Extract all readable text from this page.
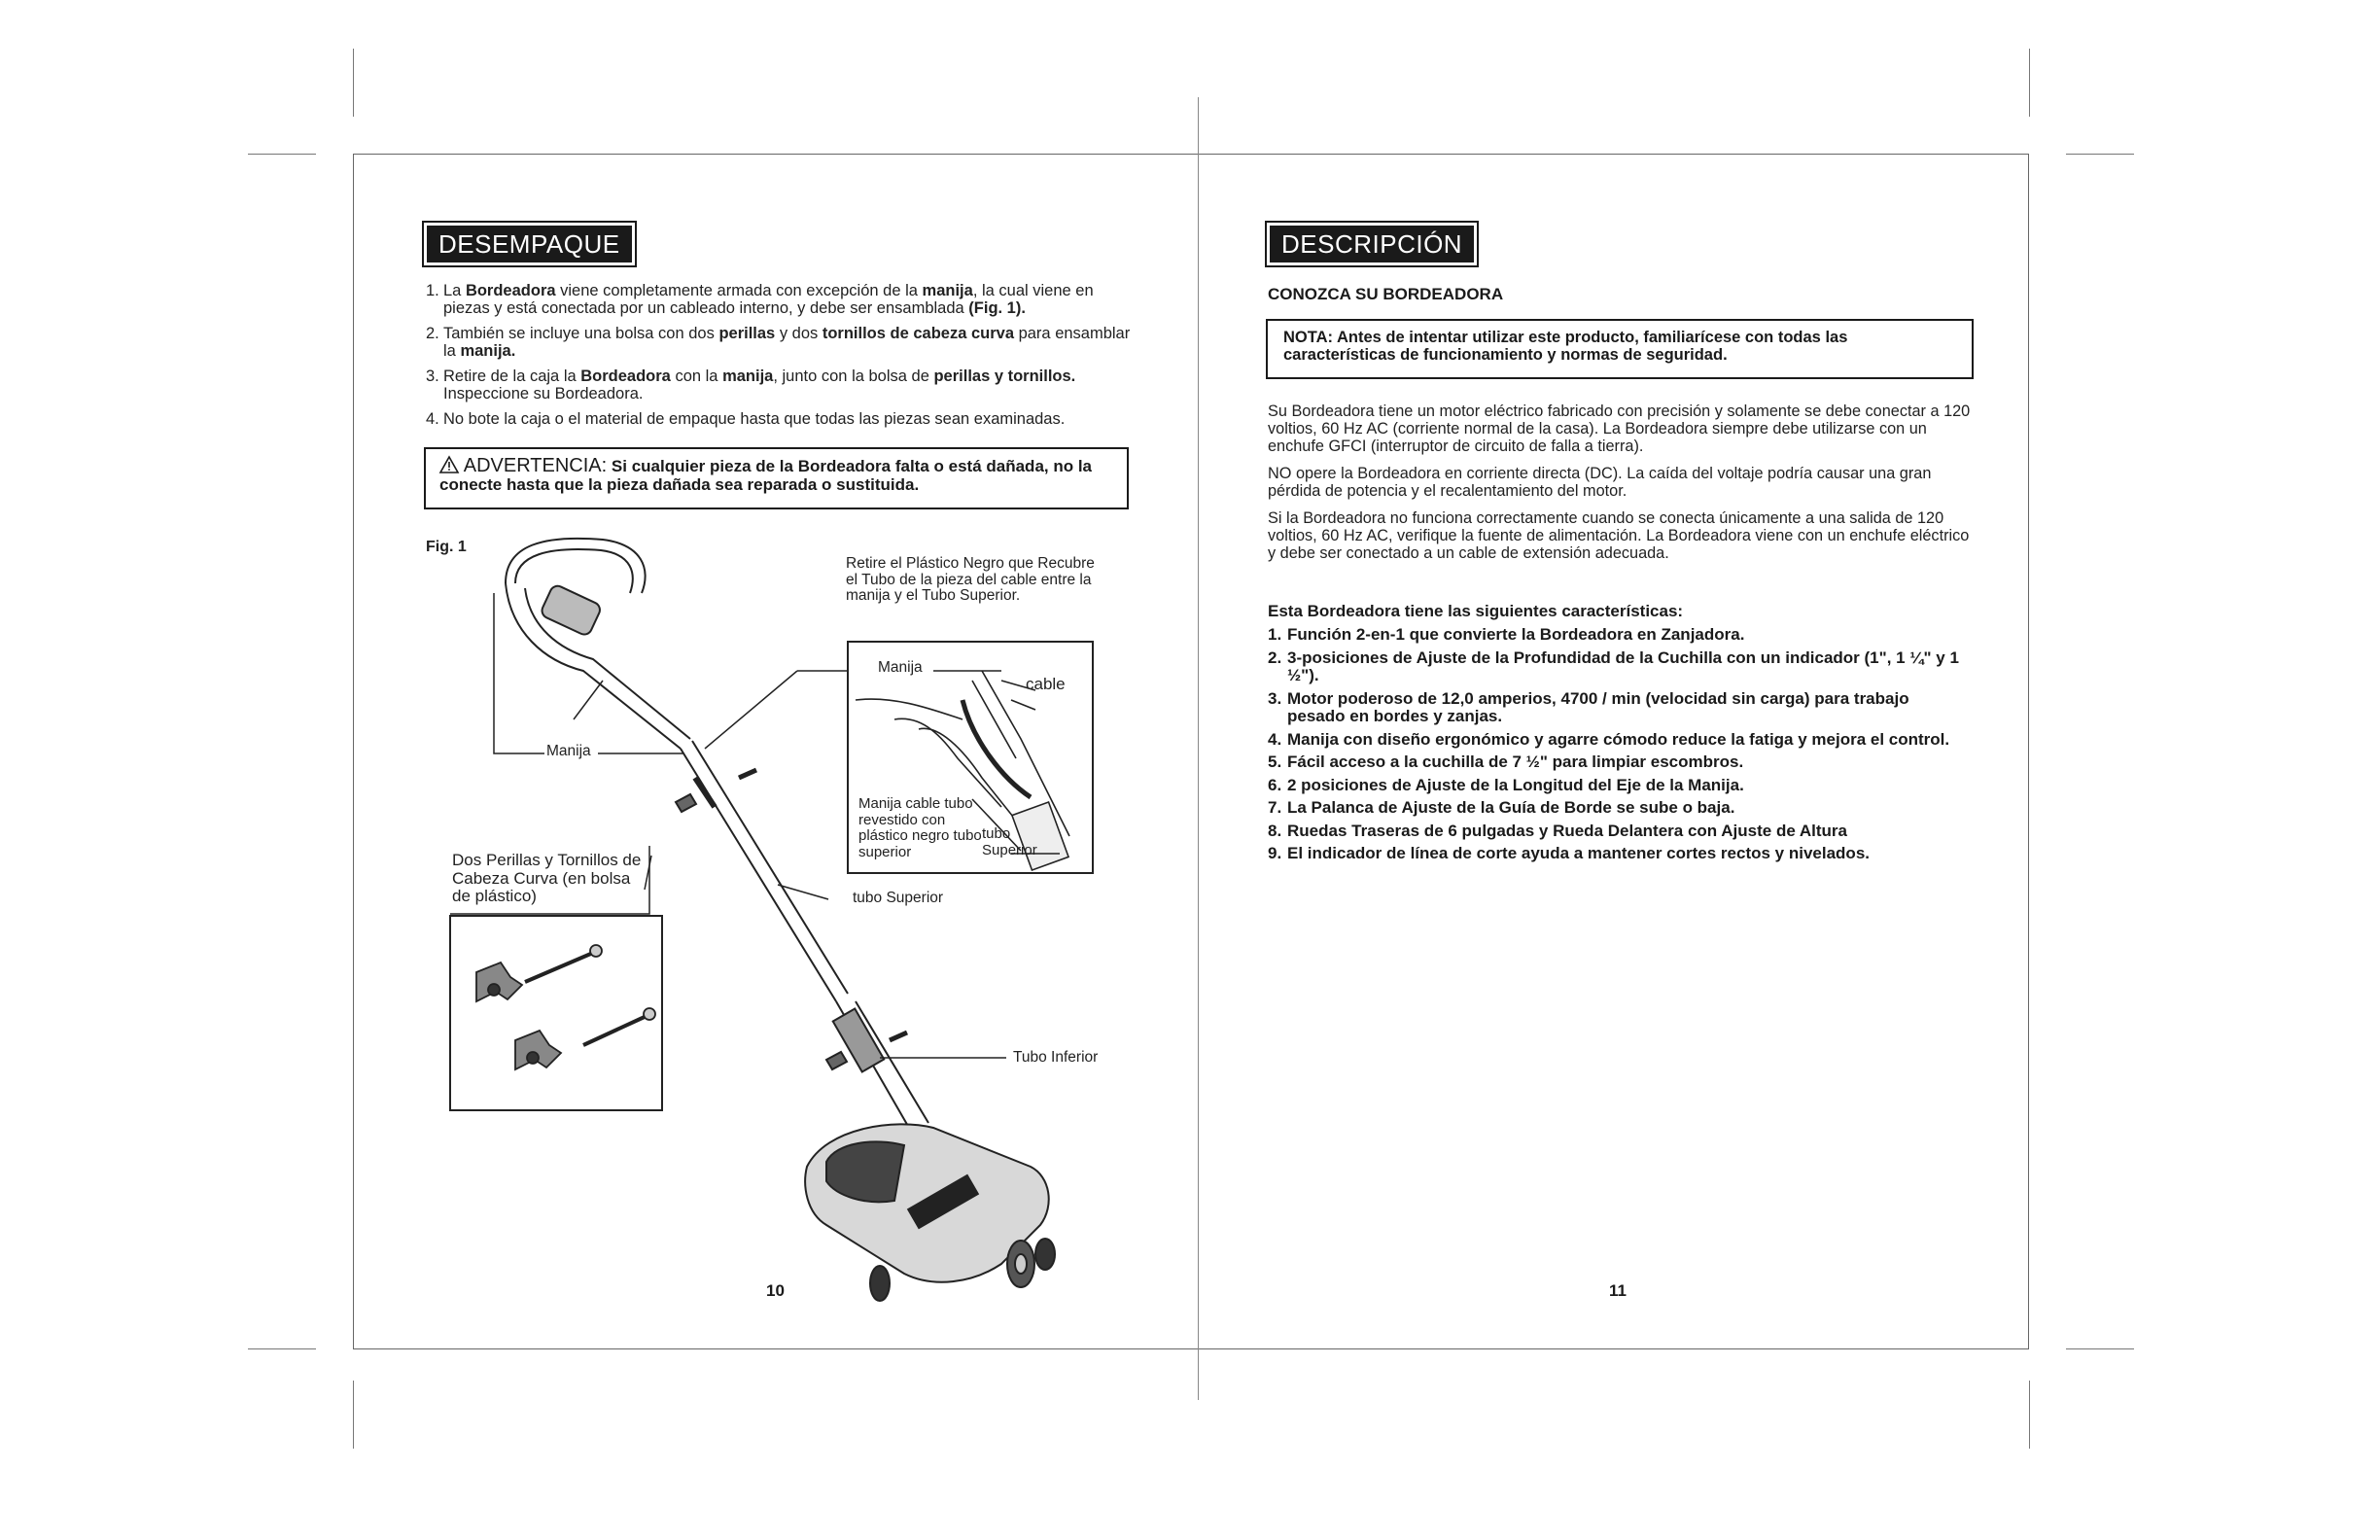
DESEMPAQUE
1. La Bordeadora viene completamente armada con excepción de la manija, la cual viene en piezas y está conectada por un cableado interno, y debe ser ensamblada (Fig. 1).
2. También se incluye una bolsa con dos perillas y dos tornillos de cabeza curva para ensamblar la manija.
3. Retire de la caja la Bordeadora con la manija, junto con la bolsa de perillas y tornillos. Inspeccione su Bordeadora.
4. No bote la caja o el material de empaque hasta que todas las piezas sean examinadas.
ADVERTENCIA: Si cualquier pieza de la Bordeadora falta o está dañada, no la conecte hasta que la pieza dañada sea reparada o sustituida.
Fig. 1
Retire el Plástico Negro que Recubre el Tubo de la pieza del cable entre la manija y el Tubo Superior.
Manija
cable
Manija cable tubo revestido con plástico negro tubo superior
tubo Superior
Manija
tubo Superior
Tubo Inferior
Dos Perillas y Tornillos de Cabeza Curva (en bolsa de plástico)
10
DESCRIPCIÓN
CONOZCA SU BORDEADORA
NOTA: Antes de intentar utilizar este producto, familiarícese con todas las características de funcionamiento y normas de seguridad.
Su Bordeadora tiene un motor eléctrico fabricado con precisión y solamente se debe conectar a 120 voltios, 60 Hz AC (corriente normal de la casa). La Bordeadora siempre debe utilizarse con un enchufe GFCI (interruptor de circuito de falla a tierra).
NO opere la Bordeadora en corriente directa (DC). La caída del voltaje podría causar una gran pérdida de potencia y el recalentamiento del motor.
Si la Bordeadora no funciona correctamente cuando se conecta únicamente a una salida de 120 voltios, 60 Hz AC, verifique la fuente de alimentación. La Bordeadora viene con un enchufe eléctrico y debe ser conectado a un cable de extensión adecuada.
Esta Bordeadora tiene las siguientes características:
1. Función 2-en-1 que convierte la Bordeadora en Zanjadora.
2. 3-posiciones de Ajuste de la Profundidad de la Cuchilla con un indicador (1", 1 ¼" y 1 ½").
3. Motor poderoso de 12,0 amperios, 4700 / min (velocidad sin carga) para trabajo pesado en bordes y zanjas.
4. Manija con diseño ergonómico y agarre cómodo reduce la fatiga y mejora el control.
5. Fácil acceso a la cuchilla de 7 ½" para limpiar escombros.
6. 2 posiciones de Ajuste de la Longitud del Eje de la Manija.
7. La Palanca de Ajuste de la Guía de Borde se sube o baja.
8. Ruedas Traseras de 6 pulgadas y Rueda Delantera con Ajuste de Altura
9. El indicador de línea de corte ayuda a mantener cortes rectos y nivelados.
11
